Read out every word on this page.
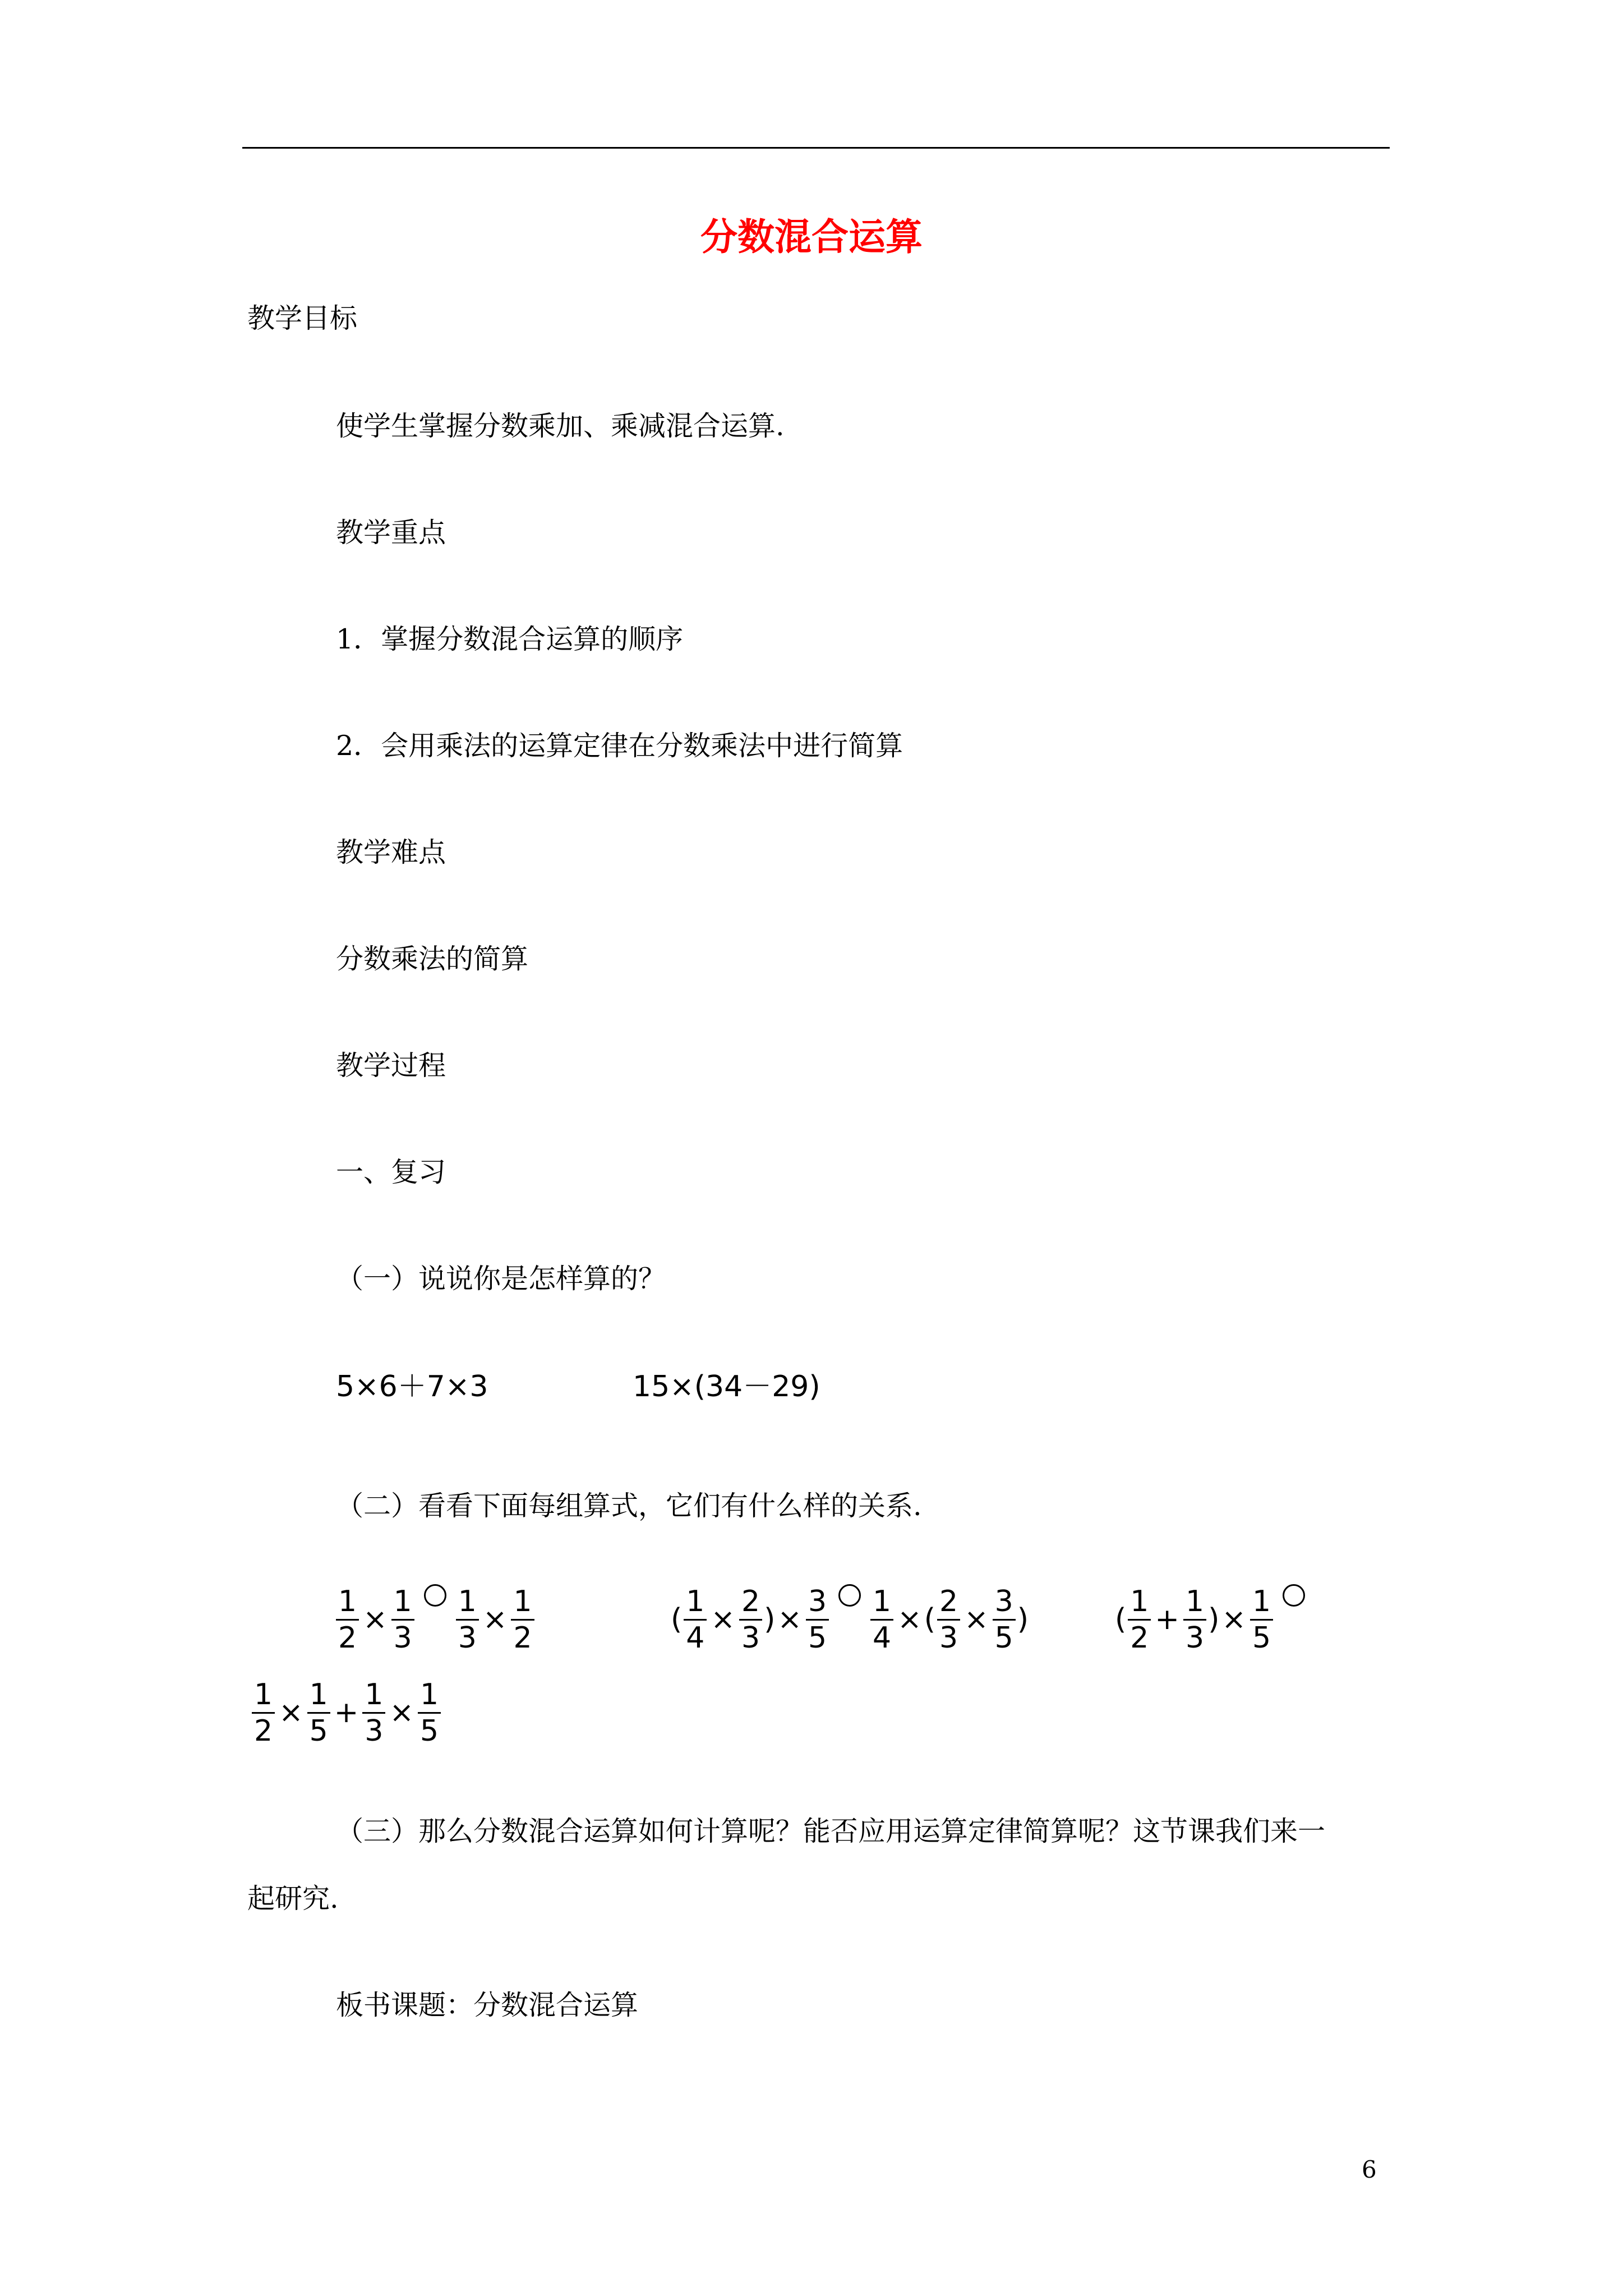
分数混合运算
教学目标
使学生掌握分数乘加、乘减混合运算.
教学重点
1．掌握分数混合运算的顺序
2．会用乘法的运算定律在分数乘法中进行简算
教学难点
分数乘法的简算
教学过程
一、复习
（一）说说你是怎样算的？
5×6＋7×3	15×(34－29)
（二）看看下面每组算式，它们有什么样的关系.
$\frac{1}{2} \times \frac{1}{3} \frac{1}{3} \times \frac{1}{2}$	( $\frac{1}{4} \times \frac{2}{3}$ ) × $\frac{3}{5} \frac{1}{4}$ × ( $\frac{2}{3} \times \frac{3}{5}$ )	( $\frac{1}{2} + \frac{1}{3}$ ) × $\frac{1}{5}$
$\frac{1}{2} \times \frac{1}{5} + \frac{1}{3} \times \frac{1}{5}$
（三）那么分数混合运算如何计算呢？能否应用运算定律简算呢？这节课我们来一
起研究.
板书课题：分数混合运算
6
